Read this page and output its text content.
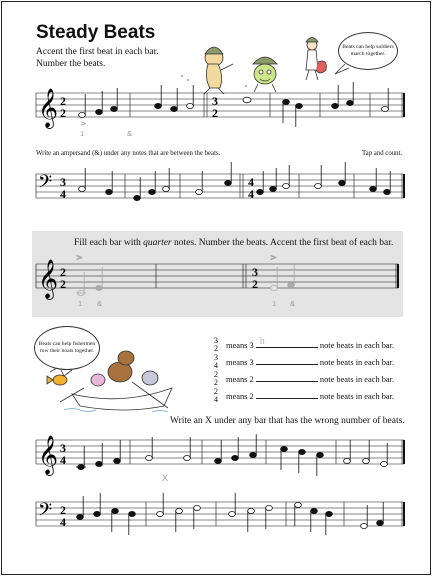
Steady Beats
Accent the first beat in each bar.
Number the beats.
Beats can help soldiers march together.
𝄞 2
2
3
2
>
1	&
Write an ampersand (&) under any notes that are between the beats.	Tap and count.
𝄢 3
4
4
4
Fill each bar with quarter notes. Number the beats. Accent the first beat of each bar.
𝄞 2
2
3
2
>	>
1 &	1 &
Beats can help fishermen row their boats together.
3
2 means 3 h	note beats in each bar.
3
4 means 3	note beats in each bar.
2
2 means 2	note beats in each bar.
2
4 means 2	note beats in each bar.
Write an X under any bar that has the wrong number of beats.
𝄞 3
4
X
𝄢 2
4
